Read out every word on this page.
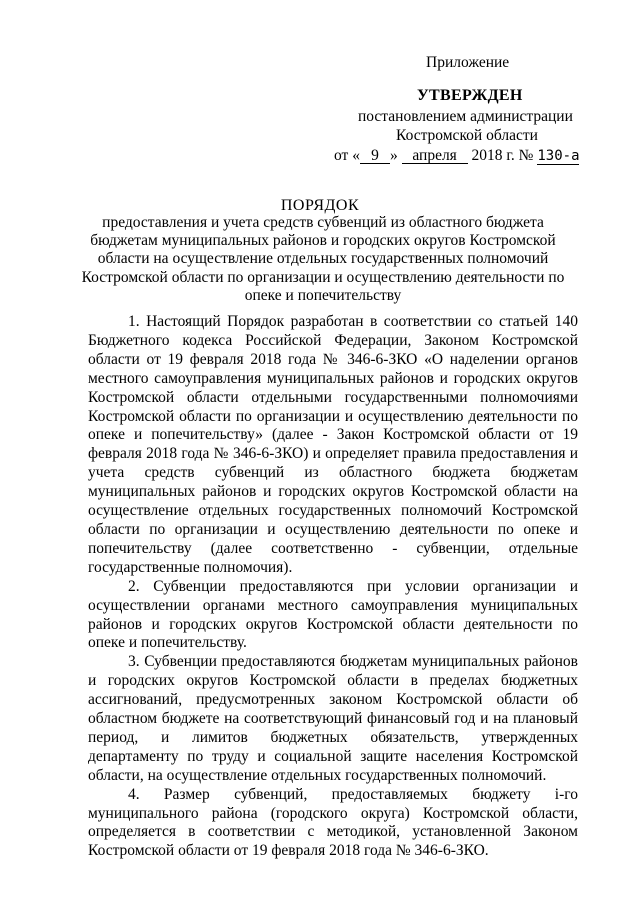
Приложение
УТВЕРЖДЕН
постановлением администрации
Костромской области
от « 9 » апреля 2018 г. № 130-а
ПОРЯДОК
предоставления и учета средств субвенций из областного бюджета бюджетам муниципальных районов и городских округов Костромской области на осуществление отдельных государственных полномочий Костромской области по организации и осуществлению деятельности по опеке и попечительству

1. Настоящий Порядок разработан в соответствии со статьей 140 Бюджетного кодекса Российской Федерации, Законом Костромской области от 19 февраля 2018 года № 346-6-ЗКО «О наделении органов местного самоуправления муниципальных районов и городских округов Костромской области отдельными государственными полномочиями Костромской области по организации и осуществлению деятельности по опеке и попечительству» (далее - Закон Костромской области от 19 февраля 2018 года № 346-6-ЗКО) и определяет правила предоставления и учета средств субвенций из областного бюджета бюджетам муниципальных районов и городских округов Костромской области на осуществление отдельных государственных полномочий Костромской области по организации и осуществлению деятельности по опеке и попечительству (далее соответственно - субвенции, отдельные государственные полномочия).

2. Субвенции предоставляются при условии организации и осуществлении органами местного самоуправления муниципальных районов и городских округов Костромской области деятельности по опеке и попечительству.

3. Субвенции предоставляются бюджетам муниципальных районов и городских округов Костромской области в пределах бюджетных ассигнований, предусмотренных законом Костромской области об областном бюджете на соответствующий финансовый год и на плановый период, и лимитов бюджетных обязательств, утвержденных департаменту по труду и социальной защите населения Костромской области, на осуществление отдельных государственных полномочий.

4. Размер субвенций, предоставляемых бюджету i-го муниципального района (городского округа) Костромской области, определяется в соответствии с методикой, установленной Законом Костромской области от 19 февраля 2018 года № 346-6-ЗКО.
